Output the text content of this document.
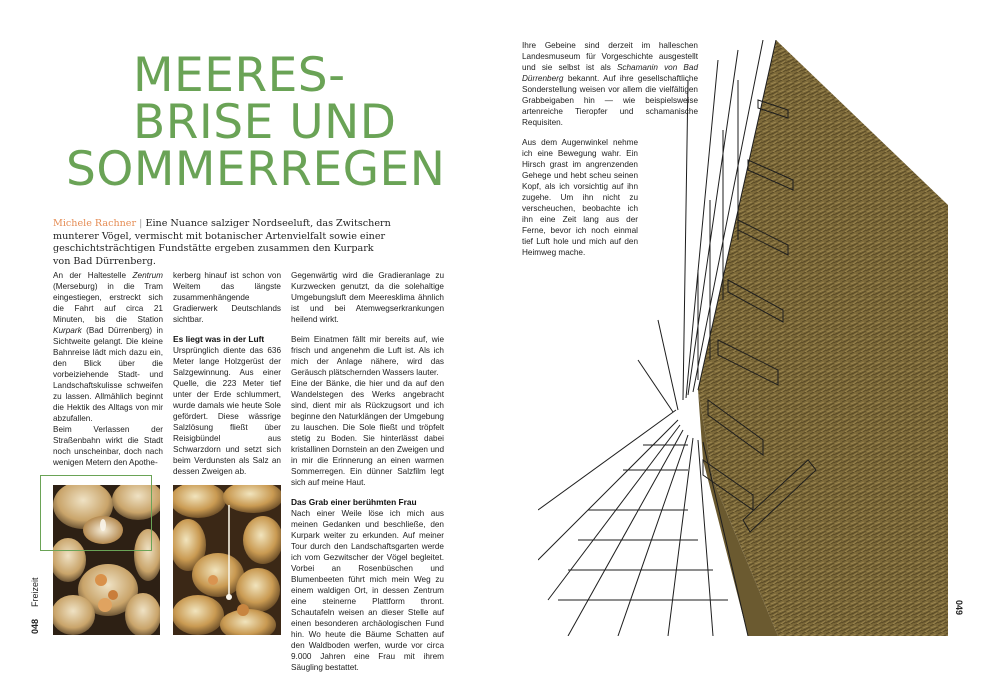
MEERES-
BRISE UND
SOMMERREGEN

Michele Rachner | Eine Nuance salziger Nordseeluft, das Zwitschern munterer Vögel, vermischt mit botanischer Artenvielfalt sowie einer geschichtsträchtigen Fundstätte ergeben zusammen den Kurpark von Bad Dürrenberg.

An der Haltestelle Zentrum (Merseburg) in die Tram eingestiegen, erstreckt sich die Fahrt auf circa 21 Minuten, bis die Station Kurpark (Bad Dürrenberg) in Sichtweite gelangt. Die kleine Bahnreise lädt mich dazu ein, den Blick über die vorbeiziehende Stadt- und Landschaftskulisse schweifen zu lassen. Allmählich beginnt die Hektik des Alltags von mir abzufallen.

Beim Verlassen der Straßenbahn wirkt die Stadt noch unscheinbar, doch nach wenigen Metern den Apothe-

kerberg hinauf ist schon von Weitem das längste zusammenhängende Gradierwerk Deutschlands sichtbar.

Es liegt was in der Luft

Ursprünglich diente das 636 Meter lange Holzgerüst der Salzgewinnung. Aus einer Quelle, die 223 Meter tief unter der Erde schlummert, wurde damals wie heute Sole gefördert. Diese wässrige Salzlösung fließt über Reisigbündel aus Schwarzdorn und setzt sich beim Verdunsten als Salz an dessen Zweigen ab.

Gegenwärtig wird die Gradieranlage zu Kurzwecken genutzt, da die solehaltige Umgebungsluft dem Meeresklima ähnlich ist und bei Atemwegserkrankungen heilend wirkt.

Beim Einatmen fällt mir bereits auf, wie frisch und angenehm die Luft ist. Als ich mich der Anlage nähere, wird das Geräusch plätschernden Wassers lauter.

Eine der Bänke, die hier und da auf den Wandelstegen des Werks angebracht sind, dient mir als Rückzugsort und ich beginne den Naturklängen der Umgebung zu lauschen. Die Sole fließt und tröpfelt stetig zu Boden. Sie hinterlässt dabei kristallinen Dornstein an den Zweigen und in mir die Erinnerung an einen warmen Sommerregen. Ein dünner Salzfilm legt sich auf meine Haut.

Das Grab einer berühmten Frau

Nach einer Weile löse ich mich aus meinen Gedanken und beschließe, den Kurpark weiter zu erkunden. Auf meiner Tour durch den Landschaftsgarten werde ich vom Gezwitscher der Vögel begleitet. Vorbei an Rosenbüschen und Blumenbeeten führt mich mein Weg zu einem waldigen Ort, in dessen Zentrum eine steinerne Plattform thront. Schautafeln weisen an dieser Stelle auf einen besonderen archäologischen Fund hin. Wo heute die Bäume Schatten auf den Waldboden werfen, wurde vor circa 9.000 Jahren eine Frau mit ihrem Säugling bestattet.

Ihre Gebeine sind derzeit im halleschen Landesmuseum für Vorgeschichte ausgestellt und sie selbst ist als Schamanin von Bad Dürrenberg bekannt. Auf ihre gesellschaftliche Sonderstellung weisen vor allem die vielfältigen Grabbeigaben hin — wie beispielsweise artenreiche Tieropfer und schamanische Requisiten.

Aus dem Augenwinkel nehme ich eine Bewegung wahr. Ein Hirsch grast im angrenzenden Gehege und hebt scheu seinen Kopf, als ich vorsichtig auf ihn zugehe. Um ihn nicht zu verscheuchen, beobachte ich ihn eine Zeit lang aus der Ferne, bevor ich noch einmal tief Luft hole und mich auf den Heimweg mache.

048Freizeit
049
